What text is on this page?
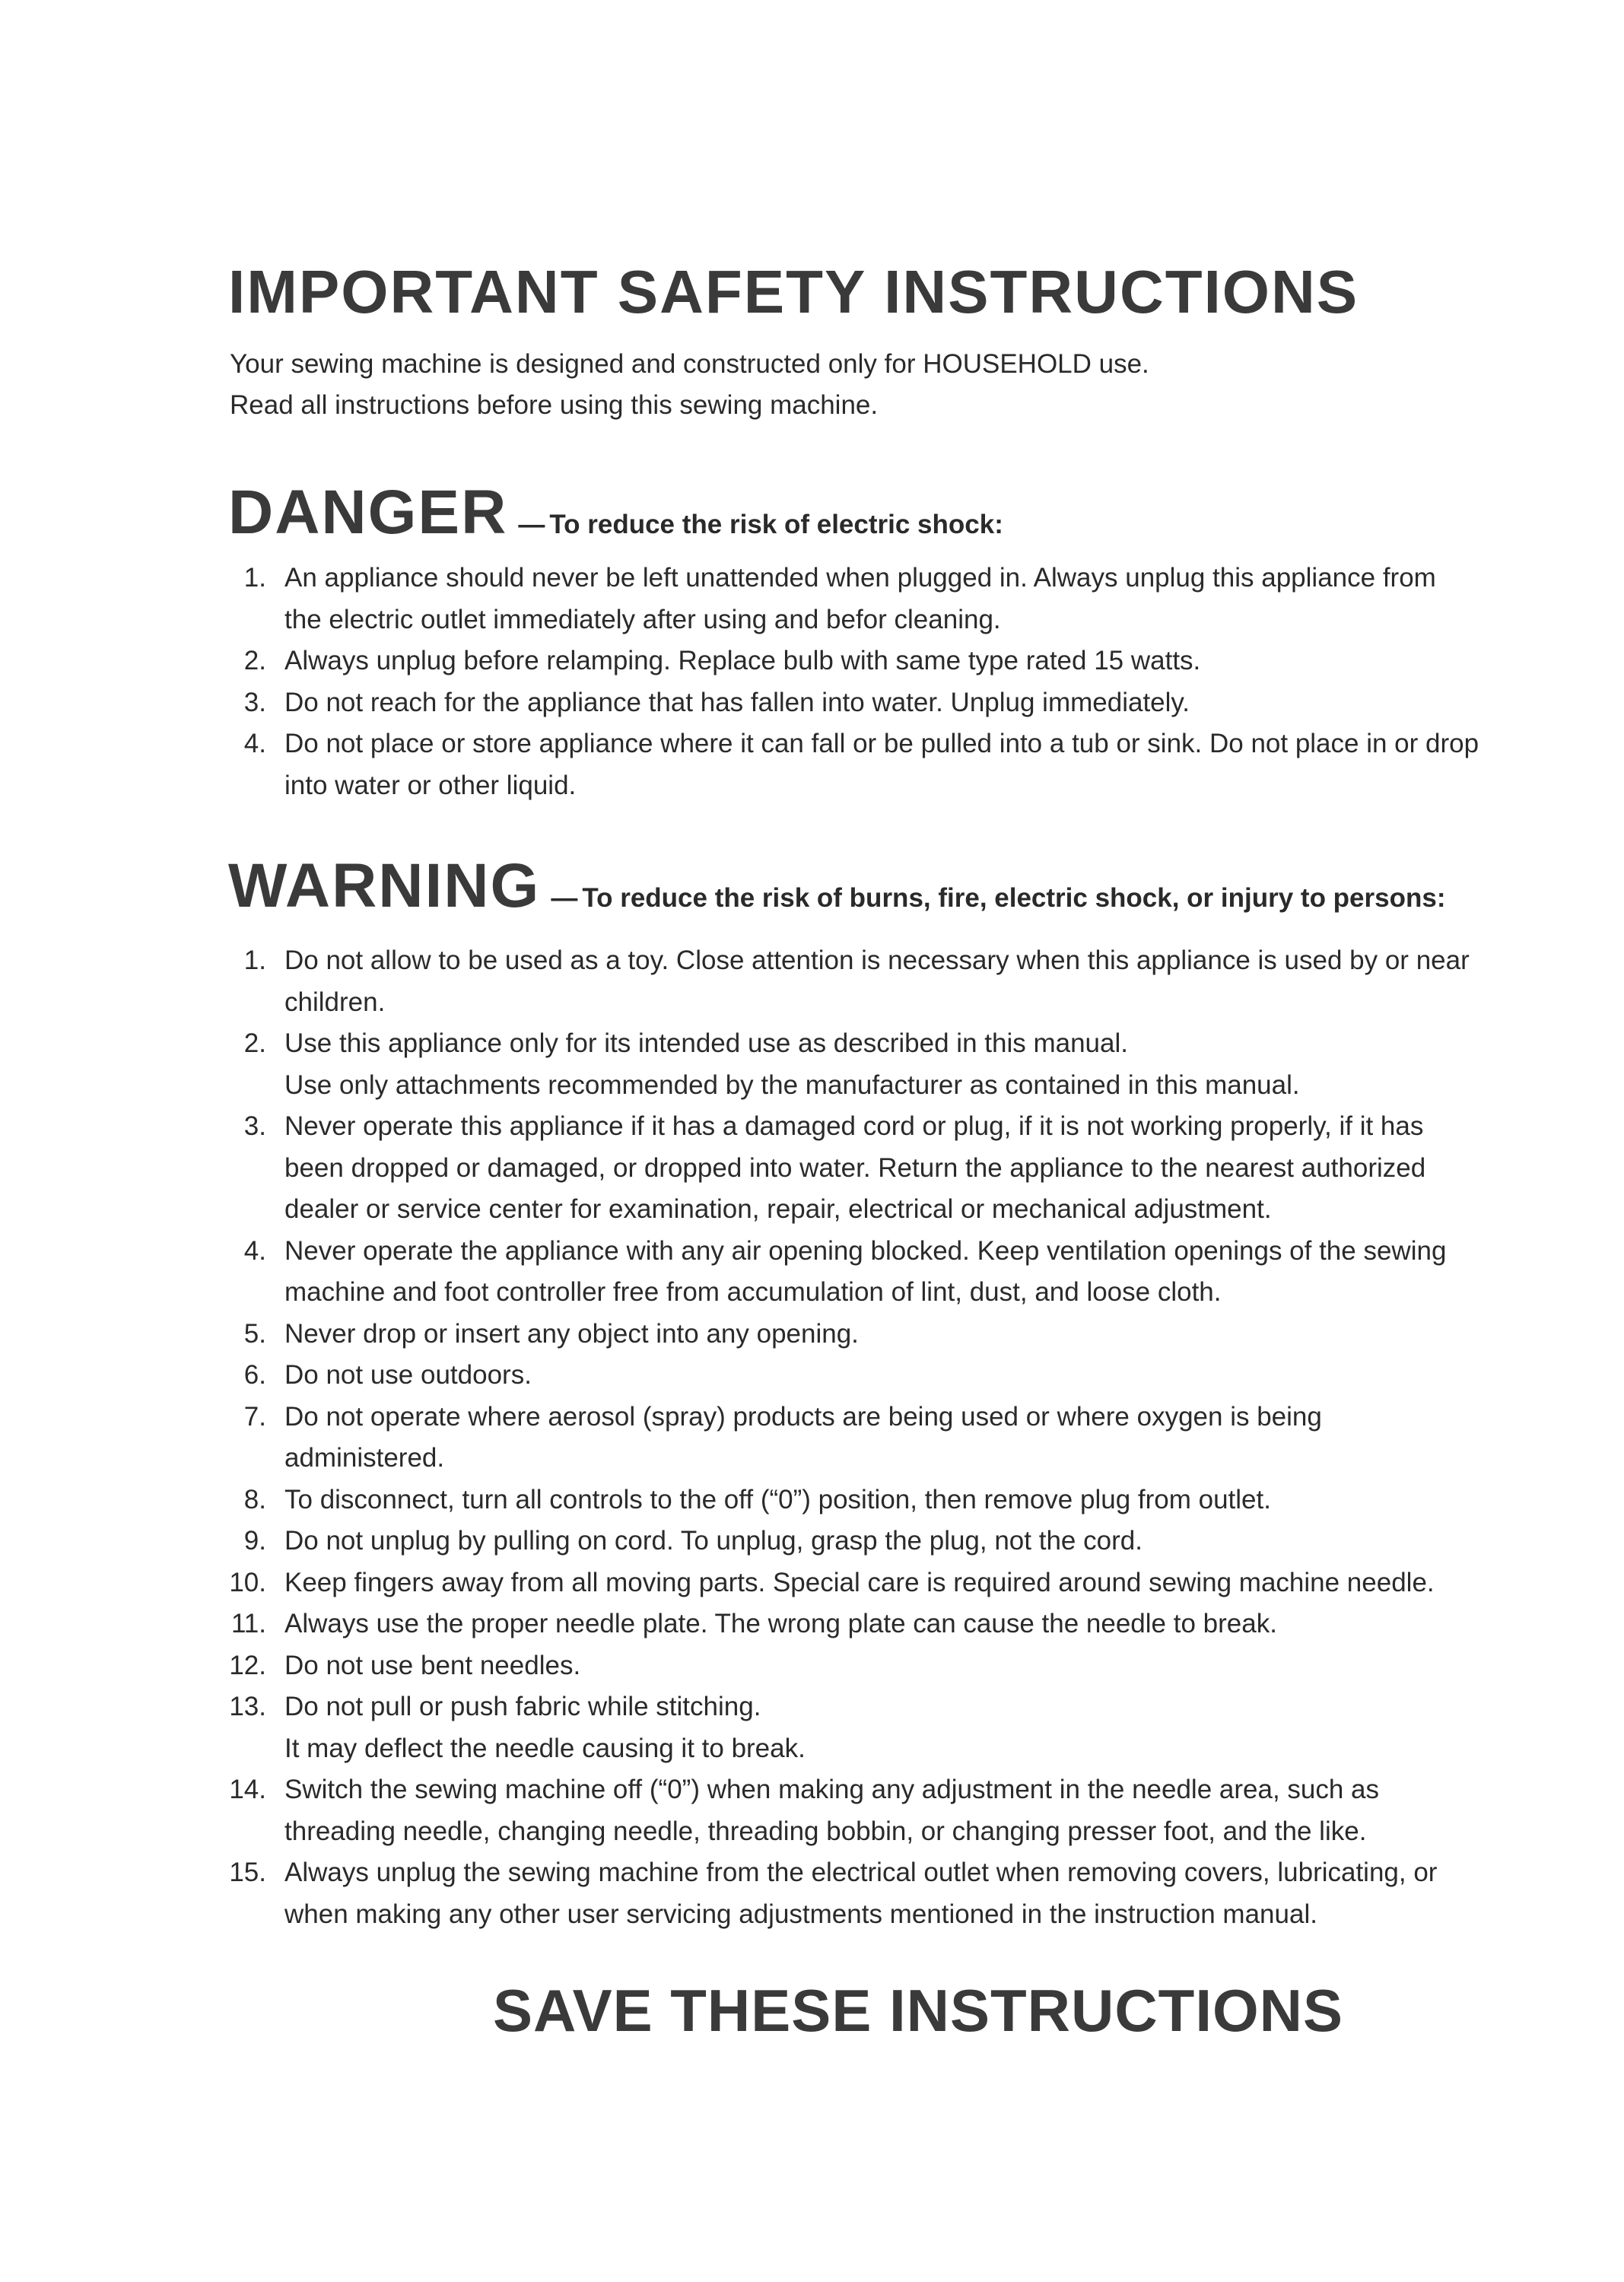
IMPORTANT SAFETY INSTRUCTIONS
Your sewing machine is designed and constructed only for HOUSEHOLD use.
Read all instructions before using this sewing machine.
DANGER — To reduce the risk of electric shock:
1. An appliance should never be left unattended when plugged in. Always unplug this appliance from
the electric outlet immediately after using and befor cleaning.
2. Always unplug before relamping. Replace bulb with same type rated 15 watts.
3. Do not reach for the appliance that has fallen into water. Unplug immediately.
4. Do not place or store appliance where it can fall or be pulled into a tub or sink. Do not place in or drop
into water or other liquid.
WARNING — To reduce the risk of burns, fire, electric shock, or injury to persons:
1. Do not allow to be used as a toy. Close attention is necessary when this appliance is used by or near
children.
2. Use this appliance only for its intended use as described in this manual.
Use only attachments recommended by the manufacturer as contained in this manual.
3. Never operate this appliance if it has a damaged cord or plug, if it is not working properly, if it has
been dropped or damaged, or dropped into water. Return the appliance to the nearest authorized
dealer or service center for examination, repair, electrical or mechanical adjustment.
4. Never operate the appliance with any air opening blocked. Keep ventilation openings of the sewing
machine and foot controller free from accumulation of lint, dust, and loose cloth.
5. Never drop or insert any object into any opening.
6. Do not use outdoors.
7. Do not operate where aerosol (spray) products are being used or where oxygen is being
administered.
8. To disconnect, turn all controls to the off (“0”) position, then remove plug from outlet.
9. Do not unplug by pulling on cord. To unplug, grasp the plug, not the cord.
10. Keep fingers away from all moving parts. Special care is required around sewing machine needle.
11. Always use the proper needle plate. The wrong plate can cause the needle to break.
12. Do not use bent needles.
13. Do not pull or push fabric while stitching.
It may deflect the needle causing it to break.
14. Switch the sewing machine off (“0”) when making any adjustment in the needle area, such as
threading needle, changing needle, threading bobbin, or changing presser foot, and the like.
15. Always unplug the sewing machine from the electrical outlet when removing covers, lubricating, or
when making any other user servicing adjustments mentioned in the instruction manual.
SAVE THESE INSTRUCTIONS
